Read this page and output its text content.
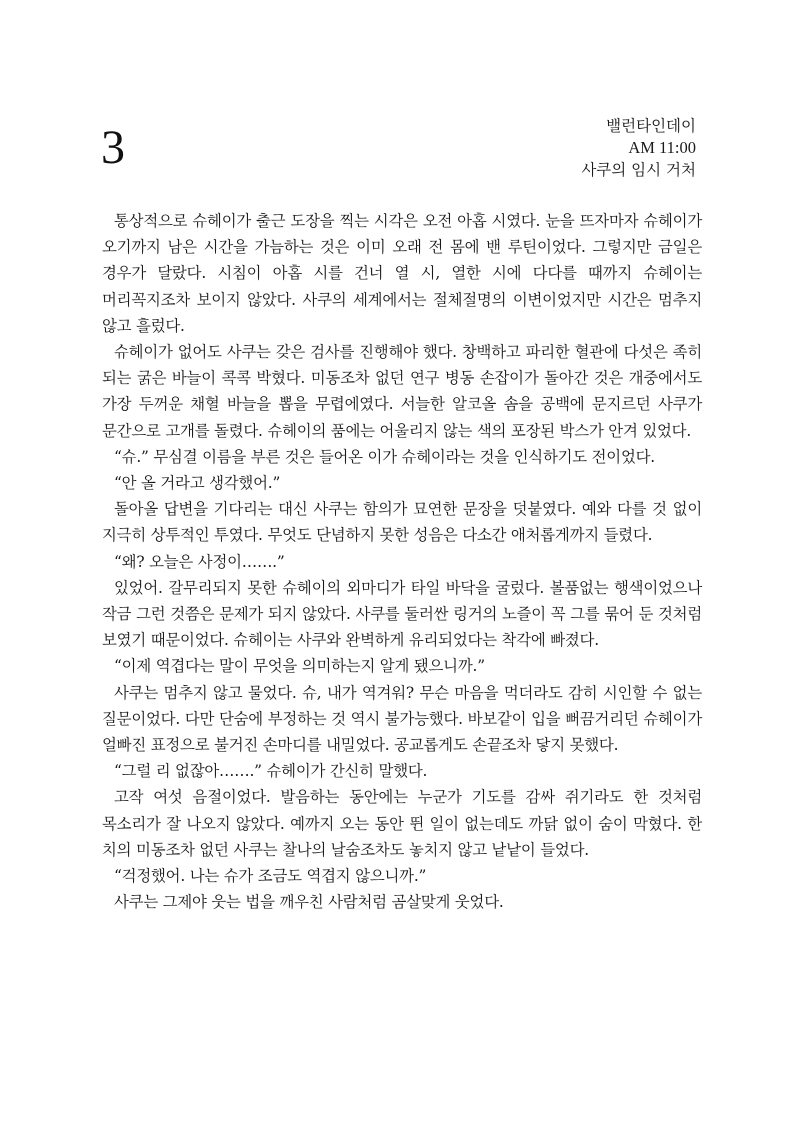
3	밸런타인데이
AM 11:00
사쿠의 임시 거처

통상적으로 슈헤이가 출근 도장을 찍는 시각은 오전 아홉 시였다. 눈을 뜨자마자 슈헤이가 오기까지 남은 시간을 가늠하는 것은 이미 오래 전 몸에 밴 루틴이었다. 그렇지만 금일은 경우가 달랐다. 시침이 아홉 시를 건너 열 시, 열한 시에 다다를 때까지 슈헤이는 머리꼭지조차 보이지 않았다. 사쿠의 세계에서는 절체절명의 이변이었지만 시간은 멈추지 않고 흘렀다.

슈헤이가 없어도 사쿠는 갖은 검사를 진행해야 했다. 창백하고 파리한 혈관에 다섯은 족히 되는 굵은 바늘이 콕콕 박혔다. 미동조차 없던 연구 병동 손잡이가 돌아간 것은 개중에서도 가장 두꺼운 채혈 바늘을 뽑을 무렵에였다. 서늘한 알코올 솜을 공백에 문지르던 사쿠가 문간으로 고개를 돌렸다. 슈헤이의 품에는 어울리지 않는 색의 포장된 박스가 안겨 있었다.

“슈.” 무심결 이름을 부른 것은 들어온 이가 슈헤이라는 것을 인식하기도 전이었다.

“안 올 거라고 생각했어.”

돌아올 답변을 기다리는 대신 사쿠는 함의가 묘연한 문장을 덧붙였다. 예와 다를 것 없이 지극히 상투적인 투였다. 무엇도 단념하지 못한 성음은 다소간 애처롭게까지 들렸다.

“왜? 오늘은 사정이…….”

있었어. 갈무리되지 못한 슈헤이의 외마디가 타일 바닥을 굴렀다. 볼품없는 행색이었으나 작금 그런 것쯤은 문제가 되지 않았다. 사쿠를 둘러싼 링거의 노즐이 꼭 그를 묶어 둔 것처럼 보였기 때문이었다. 슈헤이는 사쿠와 완벽하게 유리되었다는 착각에 빠졌다.

“이제 역겹다는 말이 무엇을 의미하는지 알게 됐으니까.”

사쿠는 멈추지 않고 물었다. 슈, 내가 역겨워? 무슨 마음을 먹더라도 감히 시인할 수 없는 질문이었다. 다만 단숨에 부정하는 것 역시 불가능했다. 바보같이 입을 뻐끔거리던 슈헤이가 얼빠진 표정으로 불거진 손마디를 내밀었다. 공교롭게도 손끝조차 닿지 못했다.

“그럴 리 없잖아…….” 슈헤이가 간신히 말했다.

고작 여섯 음절이었다. 발음하는 동안에는 누군가 기도를 감싸 쥐기라도 한 것처럼 목소리가 잘 나오지 않았다. 예까지 오는 동안 뛴 일이 없는데도 까닭 없이 숨이 막혔다. 한 치의 미동조차 없던 사쿠는 찰나의 날숨조차도 놓치지 않고 낱낱이 들었다.

“걱정했어. 나는 슈가 조금도 역겹지 않으니까.”

사쿠는 그제야 웃는 법을 깨우친 사람처럼 곰살맞게 웃었다.
